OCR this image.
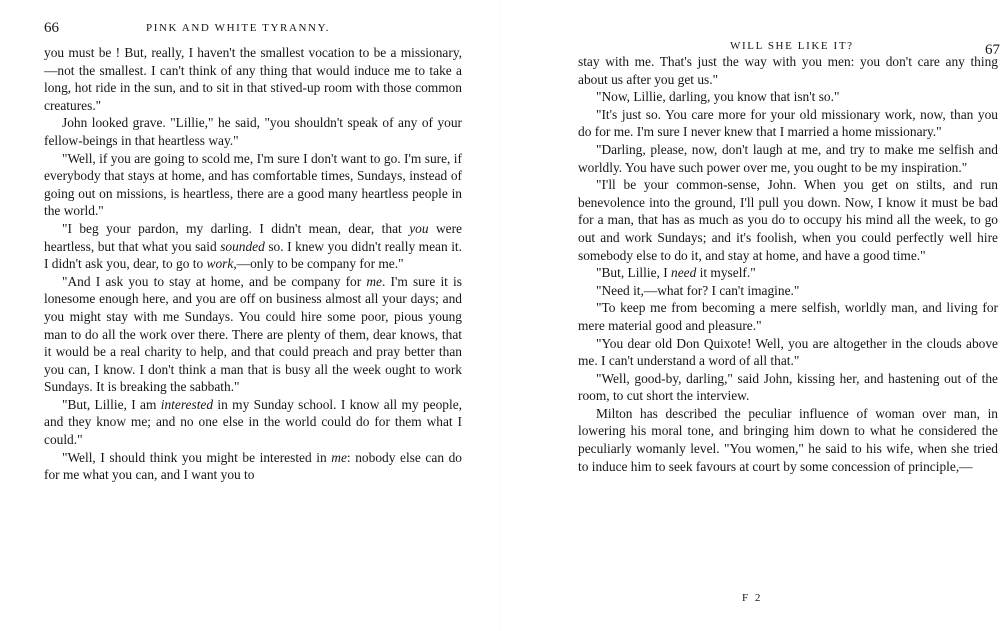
66	PINK AND WHITE TYRANNY.

you must be ! But, really, I haven't the smallest vocation to be a missionary,—not the smallest. I can't think of any thing that would induce me to take a long, hot ride in the sun, and to sit in that stived-up room with those common creatures."

John looked grave. "Lillie," he said, "you shouldn't speak of any of your fellow-beings in that heartless way."

"Well, if you are going to scold me, I'm sure I don't want to go. I'm sure, if everybody that stays at home, and has comfortable times, Sundays, instead of going out on missions, is heartless, there are a good many heartless people in the world."

"I beg your pardon, my darling. I didn't mean, dear, that you were heartless, but that what you said sounded so. I knew you didn't really mean it. I didn't ask you, dear, to go to work,—only to be company for me."

"And I ask you to stay at home, and be company for me. I'm sure it is lonesome enough here, and you are off on business almost all your days; and you might stay with me Sundays. You could hire some poor, pious young man to do all the work over there. There are plenty of them, dear knows, that it would be a real charity to help, and that could preach and pray better than you can, I know. I don't think a man that is busy all the week ought to work Sundays. It is breaking the sabbath."

"But, Lillie, I am interested in my Sunday school. I know all my people, and they know me; and no one else in the world could do for them what I could."

"Well, I should think you might be interested in me: nobody else can do for me what you can, and I want you to

WILL SHE LIKE IT?	67

stay with me. That's just the way with you men: you don't care any thing about us after you get us."

"Now, Lillie, darling, you know that isn't so."

"It's just so. You care more for your old missionary work, now, than you do for me. I'm sure I never knew that I married a home missionary."

"Darling, please, now, don't laugh at me, and try to make me selfish and worldly. You have such power over me, you ought to be my inspiration."

"I'll be your common-sense, John. When you get on stilts, and run benevolence into the ground, I'll pull you down. Now, I know it must be bad for a man, that has as much as you do to occupy his mind all the week, to go out and work Sundays; and it's foolish, when you could perfectly well hire somebody else to do it, and stay at home, and have a good time."

"But, Lillie, I need it myself."

"Need it,—what for? I can't imagine."

"To keep me from becoming a mere selfish, worldly man, and living for mere material good and pleasure."

"You dear old Don Quixote! Well, you are altogether in the clouds above me. I can't understand a word of all that."

"Well, good-by, darling," said John, kissing her, and hastening out of the room, to cut short the interview.

Milton has described the peculiar influence of woman over man, in lowering his moral tone, and bringing him down to what he considered the peculiarly womanly level. "You women," he said to his wife, when she tried to induce him to seek favours at court by some concession of principle,—

F 2
